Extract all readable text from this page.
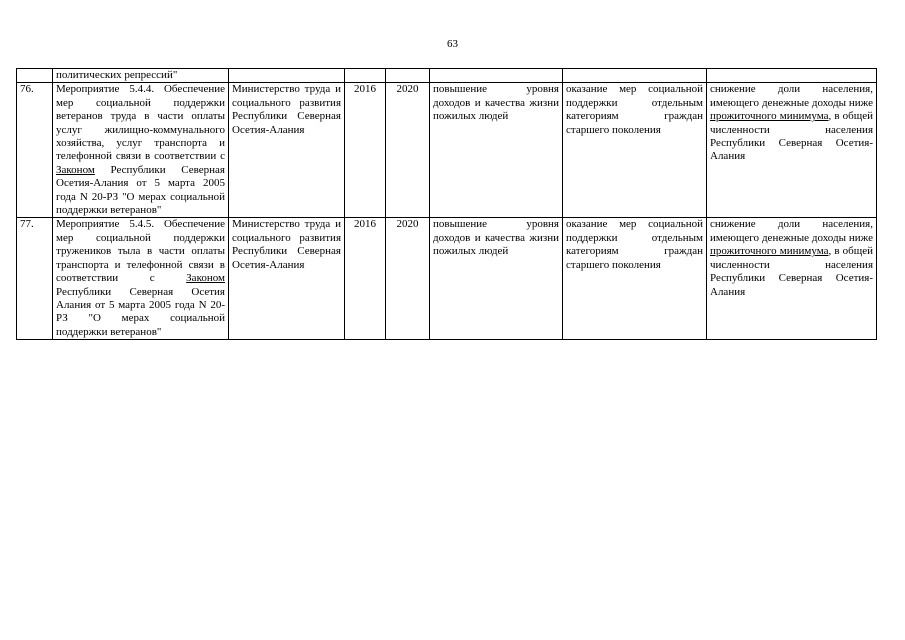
63
	политических репрессий"						
76.	Мероприятие 5.4.4. Обеспечение мер социальной поддержки ветеранов труда в части оплаты услуг жилищно-коммунального хозяйства, услуг транспорта и телефонной связи в соответствии с Законом Республики Северная Осетия-Алания от 5 марта 2005 года N 20-РЗ "О мерах социальной поддержки ветеранов"	Министерство труда и социального развития Республики Северная Осетия-Алания	2016	2020	повышение уровня доходов и качества жизни пожилых людей	оказание мер социальной поддержки отдельным категориям граждан старшего поколения	снижение доли населения, имеющего денежные доходы ниже прожиточного минимума, в общей численности населения Республики Северная Осетия-Алания
77.	Мероприятие 5.4.5. Обеспечение мер социальной поддержки тружеников тыла в части оплаты транспорта и телефонной связи в соответствии с Законом Республики Северная Осетия Алания от 5 марта 2005 года N 20-РЗ "О мерах социальной поддержки ветеранов"	Министерство труда и социального развития Республики Северная Осетия-Алания	2016	2020	повышение уровня доходов и качества жизни пожилых людей	оказание мер социальной поддержки отдельным категориям граждан старшего поколения	снижение доли населения, имеющего денежные доходы ниже прожиточного минимума, в общей численности населения Республики Северная Осетия-Алания
